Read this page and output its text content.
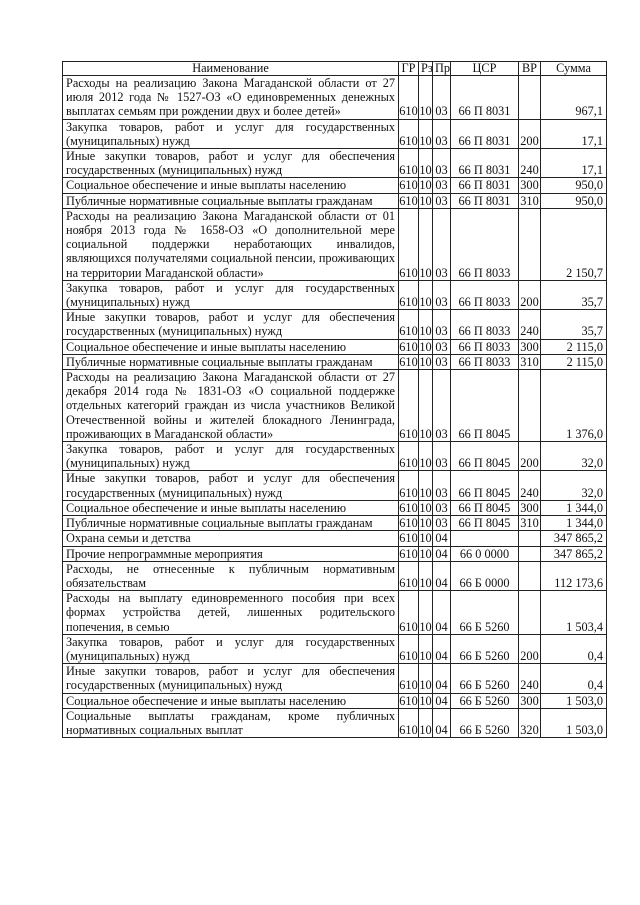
Наименование	ГР	Рз	Пр	ЦСР	ВР	Сумма
Расходы на реализацию Закона Магаданской области от 27 июля 2012 года № 1527-ОЗ «О единовременных денежных выплатах семьям при рождении двух и более детей»	610	10	03	66 П 8031		967,1
Закупка товаров, работ и услуг для государственных (муниципальных) нужд	610	10	03	66 П 8031	200	17,1
Иные закупки товаров, работ и услуг для обеспечения государственных (муниципальных) нужд	610	10	03	66 П 8031	240	17,1
Социальное обеспечение и иные выплаты населению	610	10	03	66 П 8031	300	950,0
Публичные нормативные социальные выплаты гражданам	610	10	03	66 П 8031	310	950,0
Расходы на реализацию Закона Магаданской области от 01 ноября 2013 года № 1658-ОЗ «О дополнительной мере социальной поддержки неработающих инвалидов, являющихся получателями социальной пенсии, проживающих на территории Магаданской области»	610	10	03	66 П 8033		2 150,7
Закупка товаров, работ и услуг для государственных (муниципальных) нужд	610	10	03	66 П 8033	200	35,7
Иные закупки товаров, работ и услуг для обеспечения государственных (муниципальных) нужд	610	10	03	66 П 8033	240	35,7
Социальное обеспечение и иные выплаты населению	610	10	03	66 П 8033	300	2 115,0
Публичные нормативные социальные выплаты гражданам	610	10	03	66 П 8033	310	2 115,0
Расходы на реализацию Закона Магаданской области от 27 декабря 2014 года № 1831-ОЗ «О социальной поддержке отдельных категорий граждан из числа участников Великой Отечественной войны и жителей блокадного Ленинграда, проживающих в Магаданской области»	610	10	03	66 П 8045		1 376,0
Закупка товаров, работ и услуг для государственных (муниципальных) нужд	610	10	03	66 П 8045	200	32,0
Иные закупки товаров, работ и услуг для обеспечения государственных (муниципальных) нужд	610	10	03	66 П 8045	240	32,0
Социальное обеспечение и иные выплаты населению	610	10	03	66 П 8045	300	1 344,0
Публичные нормативные социальные выплаты гражданам	610	10	03	66 П 8045	310	1 344,0
Охрана семьи и детства	610	10	04			347 865,2
Прочие непрограммные мероприятия	610	10	04	66 0 0000		347 865,2
Расходы, не отнесенные к публичным нормативным обязательствам	610	10	04	66 Б 0000		112 173,6
Расходы на выплату единовременного пособия при всех формах устройства детей, лишенных родительского попечения, в семью	610	10	04	66 Б 5260		1 503,4
Закупка товаров, работ и услуг для государственных (муниципальных) нужд	610	10	04	66 Б 5260	200	0,4
Иные закупки товаров, работ и услуг для обеспечения государственных (муниципальных) нужд	610	10	04	66 Б 5260	240	0,4
Социальное обеспечение и иные выплаты населению	610	10	04	66 Б 5260	300	1 503,0
Социальные выплаты гражданам, кроме публичных нормативных социальных выплат	610	10	04	66 Б 5260	320	1 503,0
